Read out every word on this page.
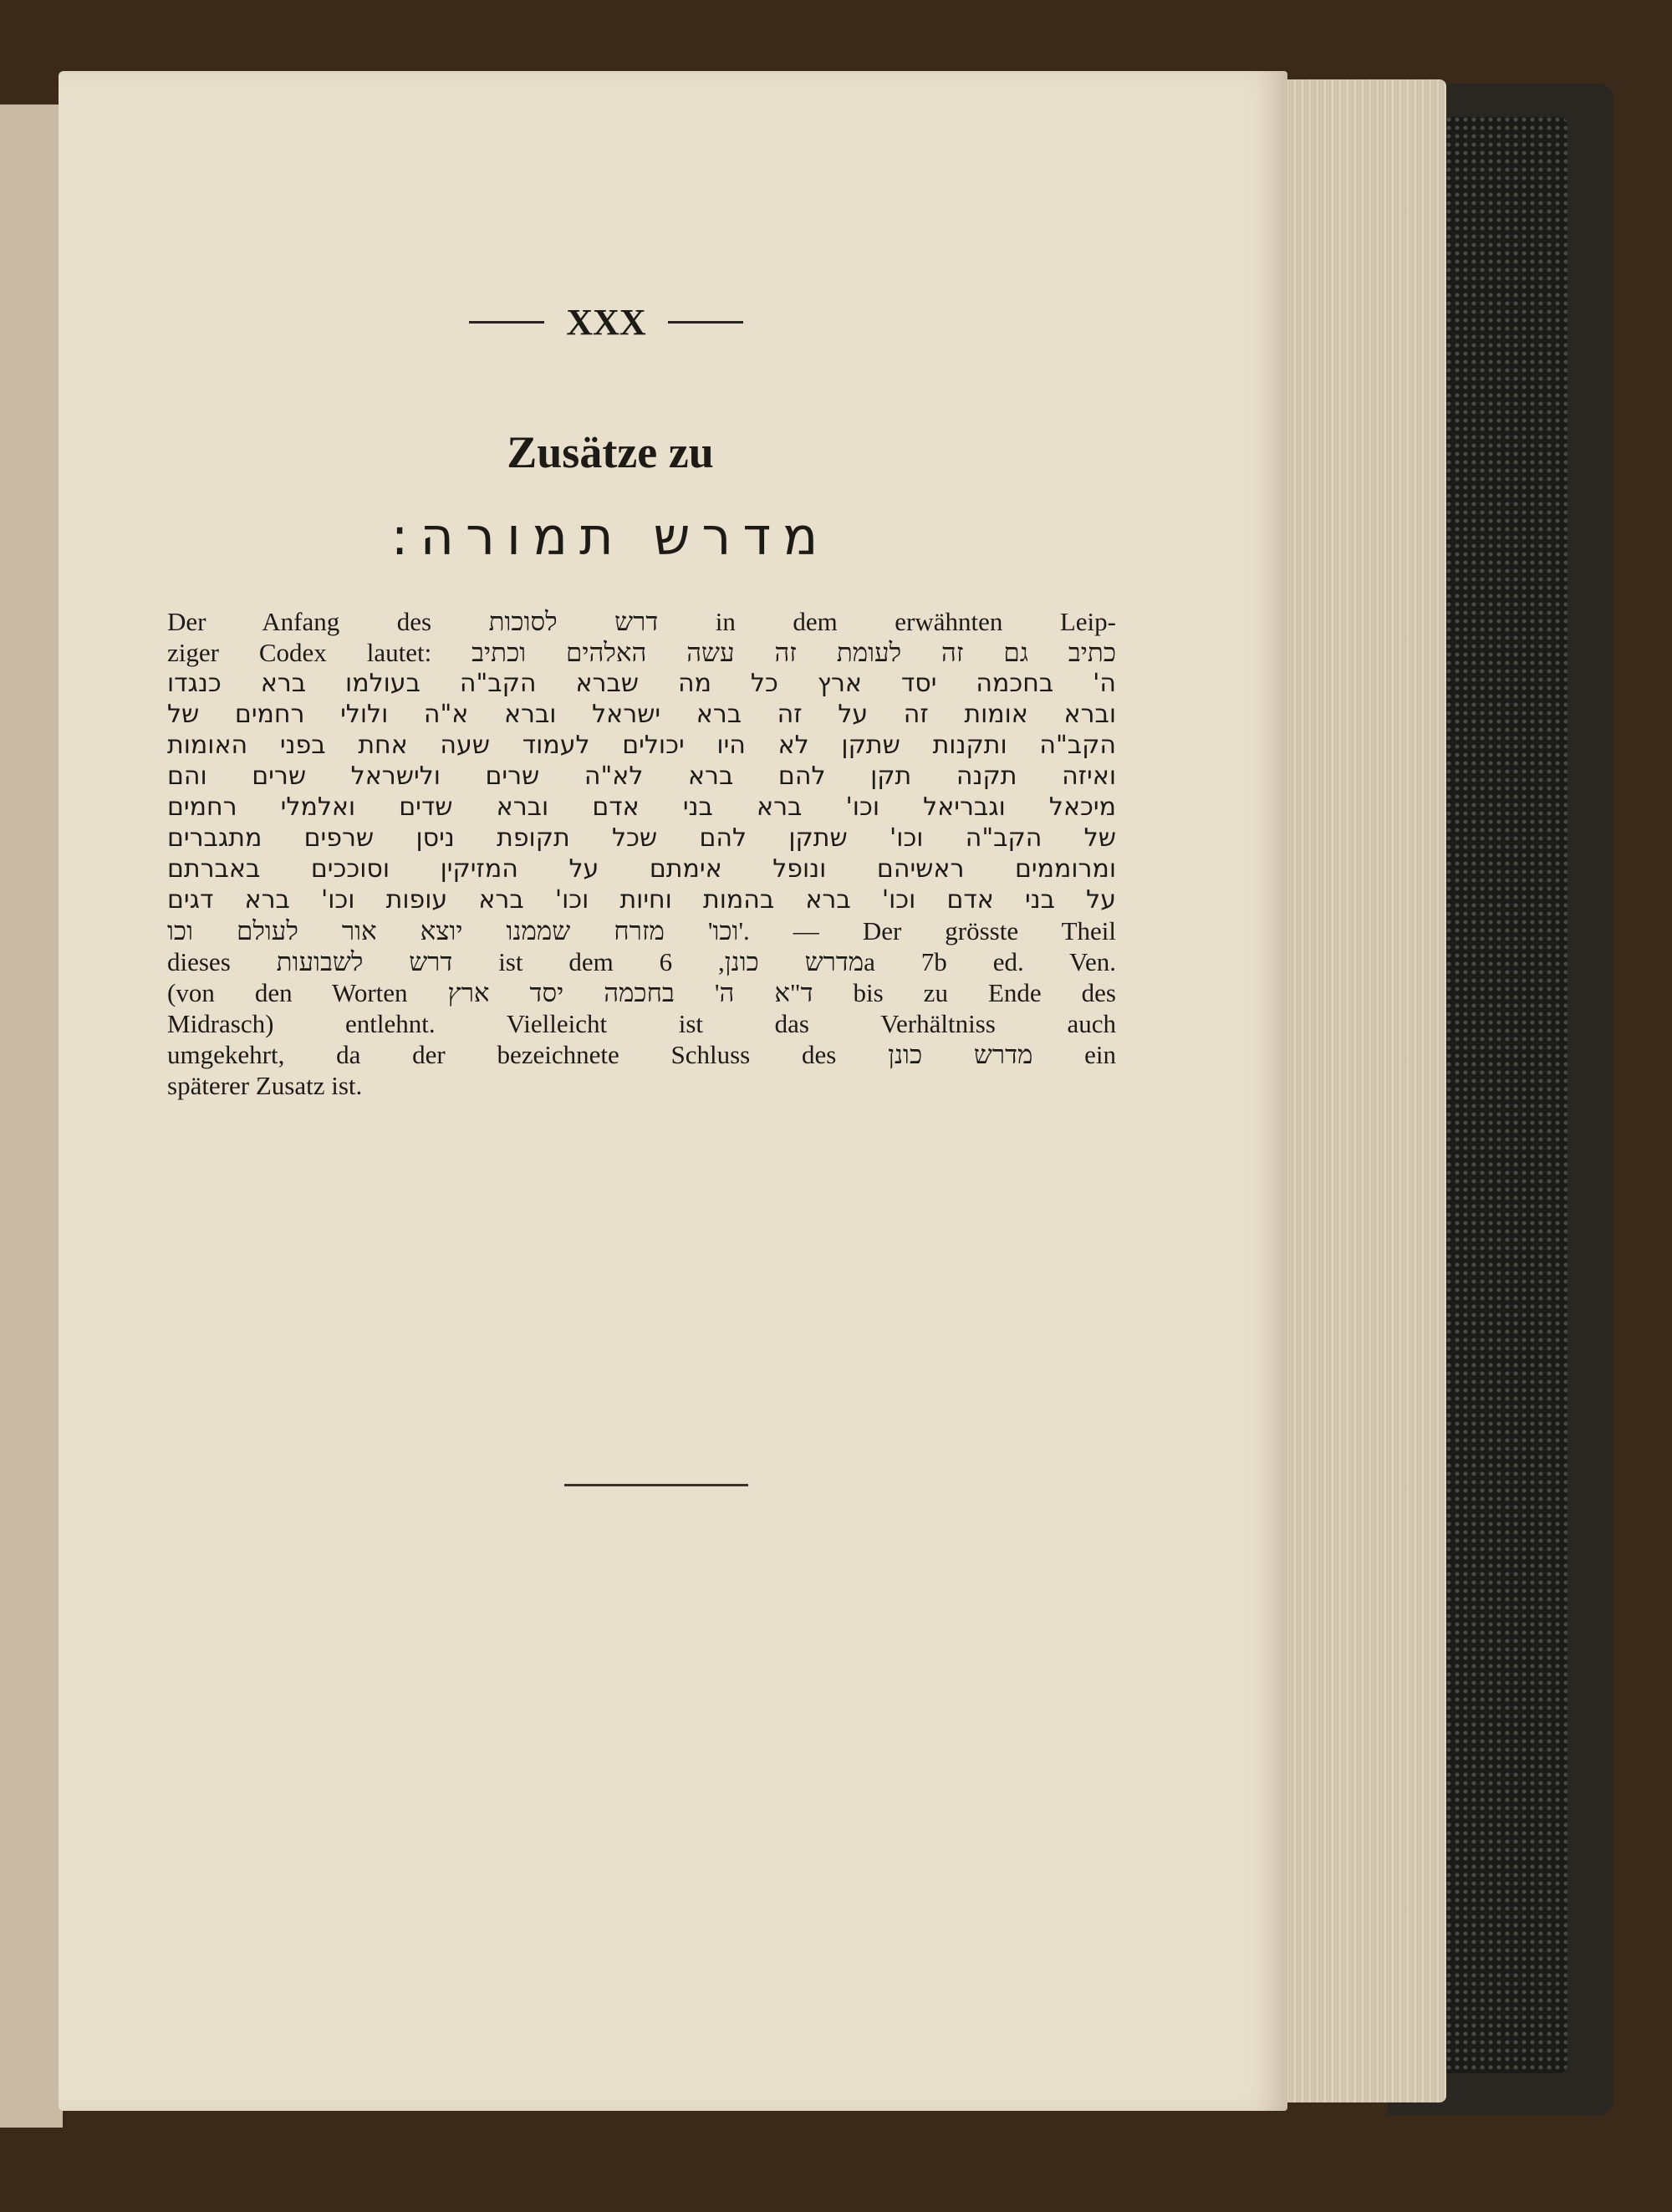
XXX
Zusätze zu
מדרש תמורה:
Der Anfang des דרש לסוכות in dem erwähnten Leip-
ziger Codex lautet: כתיב גם זה לעומת זה עשה האלהים וכתיב
ה' בחכמה יסד ארץ כל מה שברא הקב"ה בעולמו ברא כנגדו
וברא אומות זה על זה ברא ישראל וברא א"ה ולולי רחמים של
הקב"ה ותקנות שתקן לא היו יכולים לעמוד שעה אחת בפני האומות
ואיזה תקנה תקן להם ברא לא"ה שרים ולישראל שרים והם
מיכאל וגבריאל וכו' ברא בני אדם וברא שדים ואלמלי רחמים
של הקב"ה וכו' שתקן להם שכל תקופת ניסן שרפים מתגברים
ומרוממים ראשיהם ונופל אימתם על המזיקין וסוככים באברתם
על בני אדם וכו' ברא בהמות וחיות וכו' ברא עופות וכו' ברא דגים
וכו' מזרח שממנו יוצא אור לעולם וכו'. — Der grösste Theil
dieses דרש לשבועות ist dem מדרש כונן, 6a 7b ed. Ven.
(von den Worten ד"א ה' בחכמה יסד ארץ bis zu Ende des
Midrasch) entlehnt. Vielleicht ist das Verhältniss auch
umgekehrt, da der bezeichnete Schluss des מדרש כונן ein
späterer Zusatz ist.
